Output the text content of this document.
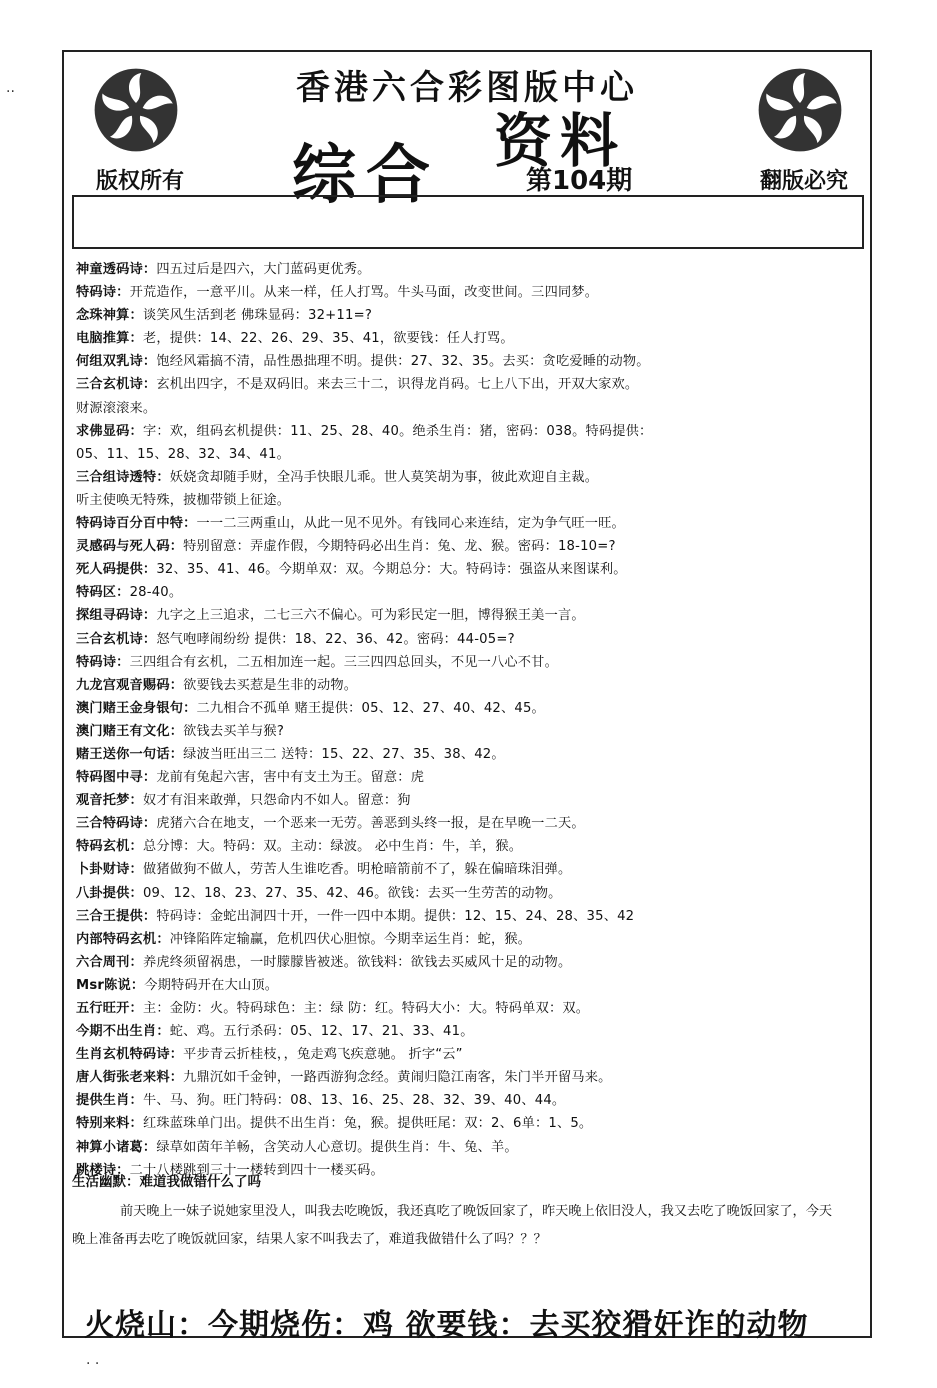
..
. .
香港六合彩图版中心
资料
综合	第104期
版权所有	翻版必究
神童透码诗：四五过后是四六，大门蓝码更优秀。
特码诗：开荒造作，一意平川。从来一样，任人打骂。牛头马面，改变世间。三四同梦。
念珠神算：谈笑风生活到老 佛珠显码：32+11=?
电脑推算：老，提供：14、22、26、29、35、41，欲要钱：任人打骂。
何组双乳诗：饱经风霜搞不清，品性愚拙理不明。提供：27、32、35。去买：贪吃爱睡的动物。
三合玄机诗：玄机出四字，不是双码旧。来去三十二，识得龙肖码。七上八下出，开双大家欢。
财源滚滚来。
求佛显码：字：欢，组码玄机提供：11、25、28、40。绝杀生肖：猪，密码：038。特码提供：
05、11、15、28、32、34、41。
三合组诗透特：妖娆贪却随手财，全冯手快眼儿乖。世人莫笑胡为事，彼此欢迎自主裁。
听主使唤无特殊，披枷带锁上征途。
特码诗百分百中特：一一二三两重山，从此一见不见外。有钱同心来连结，定为争气旺一旺。
灵感码与死人码：特别留意：弄虚作假，今期特码必出生肖：兔、龙、猴。密码：18-10=?
死人码提供：32、35、41、46。今期单双：双。今期总分：大。特码诗：强盗从来图谋利。
特码区：28-40。
探组寻码诗：九字之上三追求，二七三六不偏心。可为彩民定一胆，博得猴王美一言。
三合玄机诗：怒气咆哮闹纷纷 提供：18、22、36、42。密码：44-05=?
特码诗：三四组合有玄机，二五相加连一起。三三四四总回头，不见一八心不甘。
九龙宫观音赐码：欲要钱去买惹是生非的动物。
澳门赌王金身银句：二九相合不孤单 赌王提供：05、12、27、40、42、45。
澳门赌王有文化：欲钱去买羊与猴?
赌王送你一句话：绿波当旺出三二 送特：15、22、27、35、38、42。
特码图中寻：龙前有兔起六害，害中有支土为王。留意：虎
观音托梦：奴才有泪来敢弹，只怨命内不如人。留意：狗
三合特码诗：虎猪六合在地支，一个恶来一无劳。善恶到头终一报，是在早晚一二天。
特码玄机：总分博：大。特码：双。主动：绿波。 必中生肖：牛，羊，猴。
卜卦财诗：做猪做狗不做人，劳苦人生谁吃香。明枪暗箭前不了，躲在偏暗珠泪弹。
八卦提供：09、12、18、23、27、35、42、46。欲钱：去买一生劳苦的动物。
三合王提供：特码诗：金蛇出洞四十开，一件一四中本期。提供：12、15、24、28、35、42
内部特码玄机：冲锋陷阵定输赢，危机四伏心胆惊。今期幸运生肖：蛇，猴。
六合周刊：养虎终须留祸患，一时朦朦皆被迷。欲钱料：欲钱去买威风十足的动物。
Msr陈说：今期特码开在大山顶。
五行旺开：主：金防：火。特码球色：主：绿 防：红。特码大小：大。特码单双：双。
今期不出生肖：蛇、鸡。五行杀码：05、12、17、21、33、41。
生肖玄机特码诗：平步青云折桂枝，，兔走鸡飞疾意驰。 折字“云”
唐人街张老来料：九鼎沉如千金钟，一路西游狗念经。黄闹归隐江南客，朱门半开留马来。
提供生肖：牛、马、狗。旺门特码：08、13、16、25、28、32、39、40、44。
特别来料：红珠蓝珠单门出。提供不出生肖：兔，猴。提供旺尾：双：2、6单：1、5。
神算小诸葛：绿草如茵年羊畅，含笑动人心意切。提供生肖：牛、兔、羊。
跳楼诗：二十八楼跳到三十一楼转到四十一楼买码。
生活幽默：难道我做错什么了吗
前天晚上一妹子说她家里没人，叫我去吃晚饭，我还真吃了晚饭回家了，昨天晚上依旧没人，我又去吃了晚饭回家了，今天晚上准备再去吃了晚饭就回家，结果人家不叫我去了，难道我做错什么了吗？？？
火烧山：今期烧伤：鸡 欲要钱：去买狡猾奸诈的动物
